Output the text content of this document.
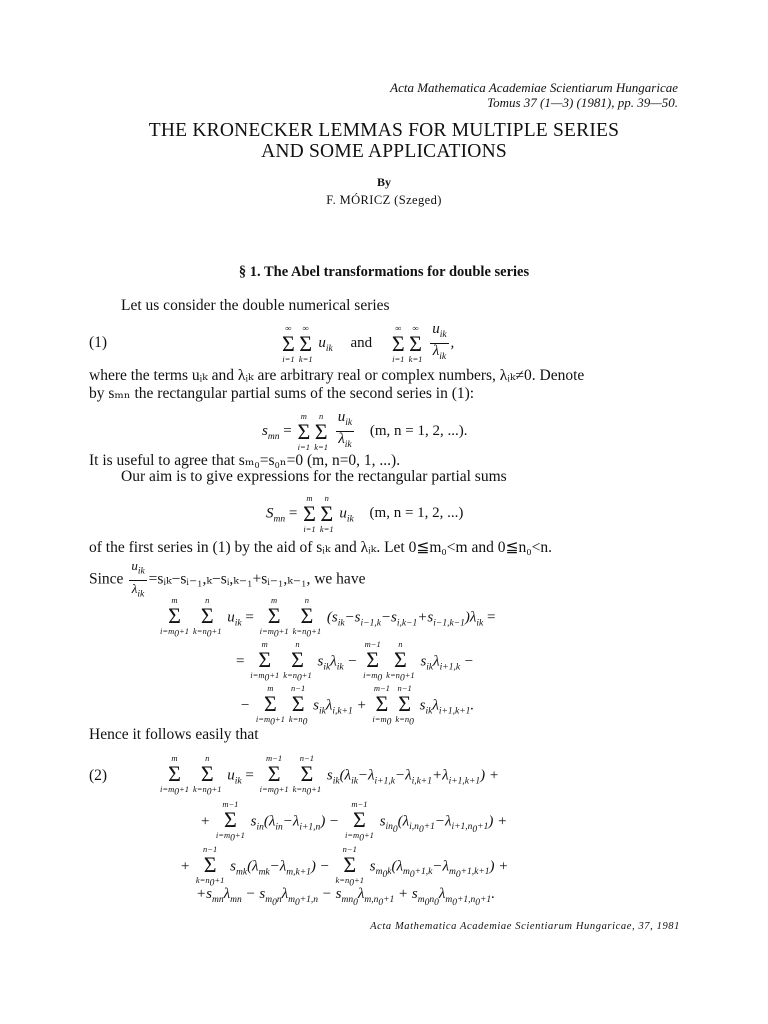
Acta Mathematica Academiae Scientiarum Hungaricae
Tomus 37 (1—3) (1981), pp. 39—50.
THE KRONECKER LEMMAS FOR MULTIPLE SERIES
AND SOME APPLICATIONS
By
F. MÓRICZ (Szeged)
§ 1. The Abel transformations for double series
Let us consider the double numerical series
(1)
∞
Σ
i=1
∞
Σ
k=1
$u_{ik}$ and
∞
Σ
i=1
∞
Σ
k=1
$\frac{u_{ik}}{\lambda_{ik}}$ ,
where the terms uᵢₖ and λᵢₖ are arbitrary real or complex numbers, λᵢₖ≠0. Denote
by sₘₙ the rectangular partial sums of the second series in (1):
$s_{mn}$ =
m
Σ
i=1
n
Σ
k=1
$\frac{u_{ik}}{\lambda_{ik}} (m$, n = 1, 2, ...).
It is useful to agree that sₘ₀=s₀ₙ=0 (m, n=0, 1, ...).
Our aim is to give expressions for the rectangular partial sums
$S_{mn}$ =
m
Σ
i=1
n
Σ
k=1
$u_{ik}$ (m, n = 1, 2, ...)
of the first series in (1) by the aid of sᵢₖ and λᵢₖ. Let 0≦m₀<m and 0≦n₀<n.
Since $\frac{u_{ik}}{\lambda_{ik}}$ =sᵢₖ−sᵢ₋₁,ₖ−sᵢ,ₖ₋₁+sᵢ₋₁,ₖ₋₁, we have
m
Σ
$i=m_0+1$
n
Σ
$k=n_0+1$
$u_{ik}$ =
m
Σ
$i=m_0+1$
n
Σ
$k=n_0+1$
$(s_{ik}-s_{i-1,k}-s_{i,k-1}+s_{i-1,k-1})\lambda_{ik}$ =
=
m
Σ
$i=m_0+1$
n
Σ
$k=n_0+1$
$s_{ik}\lambda_{ik}$ −
m−1
Σ
$i=m_0$
n
Σ
$k=n_0+1$
$s_{ik}\lambda_{i+1,k}$ −
−
m
Σ
$i=m_0+1$
n−1
Σ
$k=n_0$
$s_{ik}\lambda_{i,k+1}$ +
m−1
Σ
$i=m_0$
n−1
Σ
$k=n_0$
$s_{ik}\lambda_{i+1,k+1}$.
Hence it follows easily that
(2)
m
Σ
$i=m_0+1$
n
Σ
$k=n_0+1$
$u_{ik}$ =
m−1
Σ
$i=m_0+1$
n−1
Σ
$k=n_0+1$
$s_{ik}(\lambda_{ik}-\lambda_{i+1,k}-\lambda_{i,k+1}+\lambda_{i+1,k+1})$ +
+
m−1
Σ
$i=m_0+1$
$s_{in}(\lambda_{in}-\lambda_{i+1,n})$ −
m−1
Σ
$i=m_0+1$
$s_{in_0}(\lambda_{i,n_0+1}-\lambda_{i+1,n_0+1})$ +
+
n−1
Σ
$k=n_0+1$
$s_{mk}(\lambda_{mk}-\lambda_{m,k+1})$ −
n−1
Σ
$k=n_0+1$
$s_{m_0k}(\lambda_{m_0+1,k}-\lambda_{m_0+1,k+1})$ +
$+s_{mn}\lambda_{mn} - s_{m_0n}\lambda_{m_0+1,n} - s_{mn_0}\lambda_{m,n_0+1} + s_{m_0n_0}\lambda_{m_0+1,n_0+1}$.
Acta Mathematica Academiae Scientiarum Hungaricae, 37, 1981
